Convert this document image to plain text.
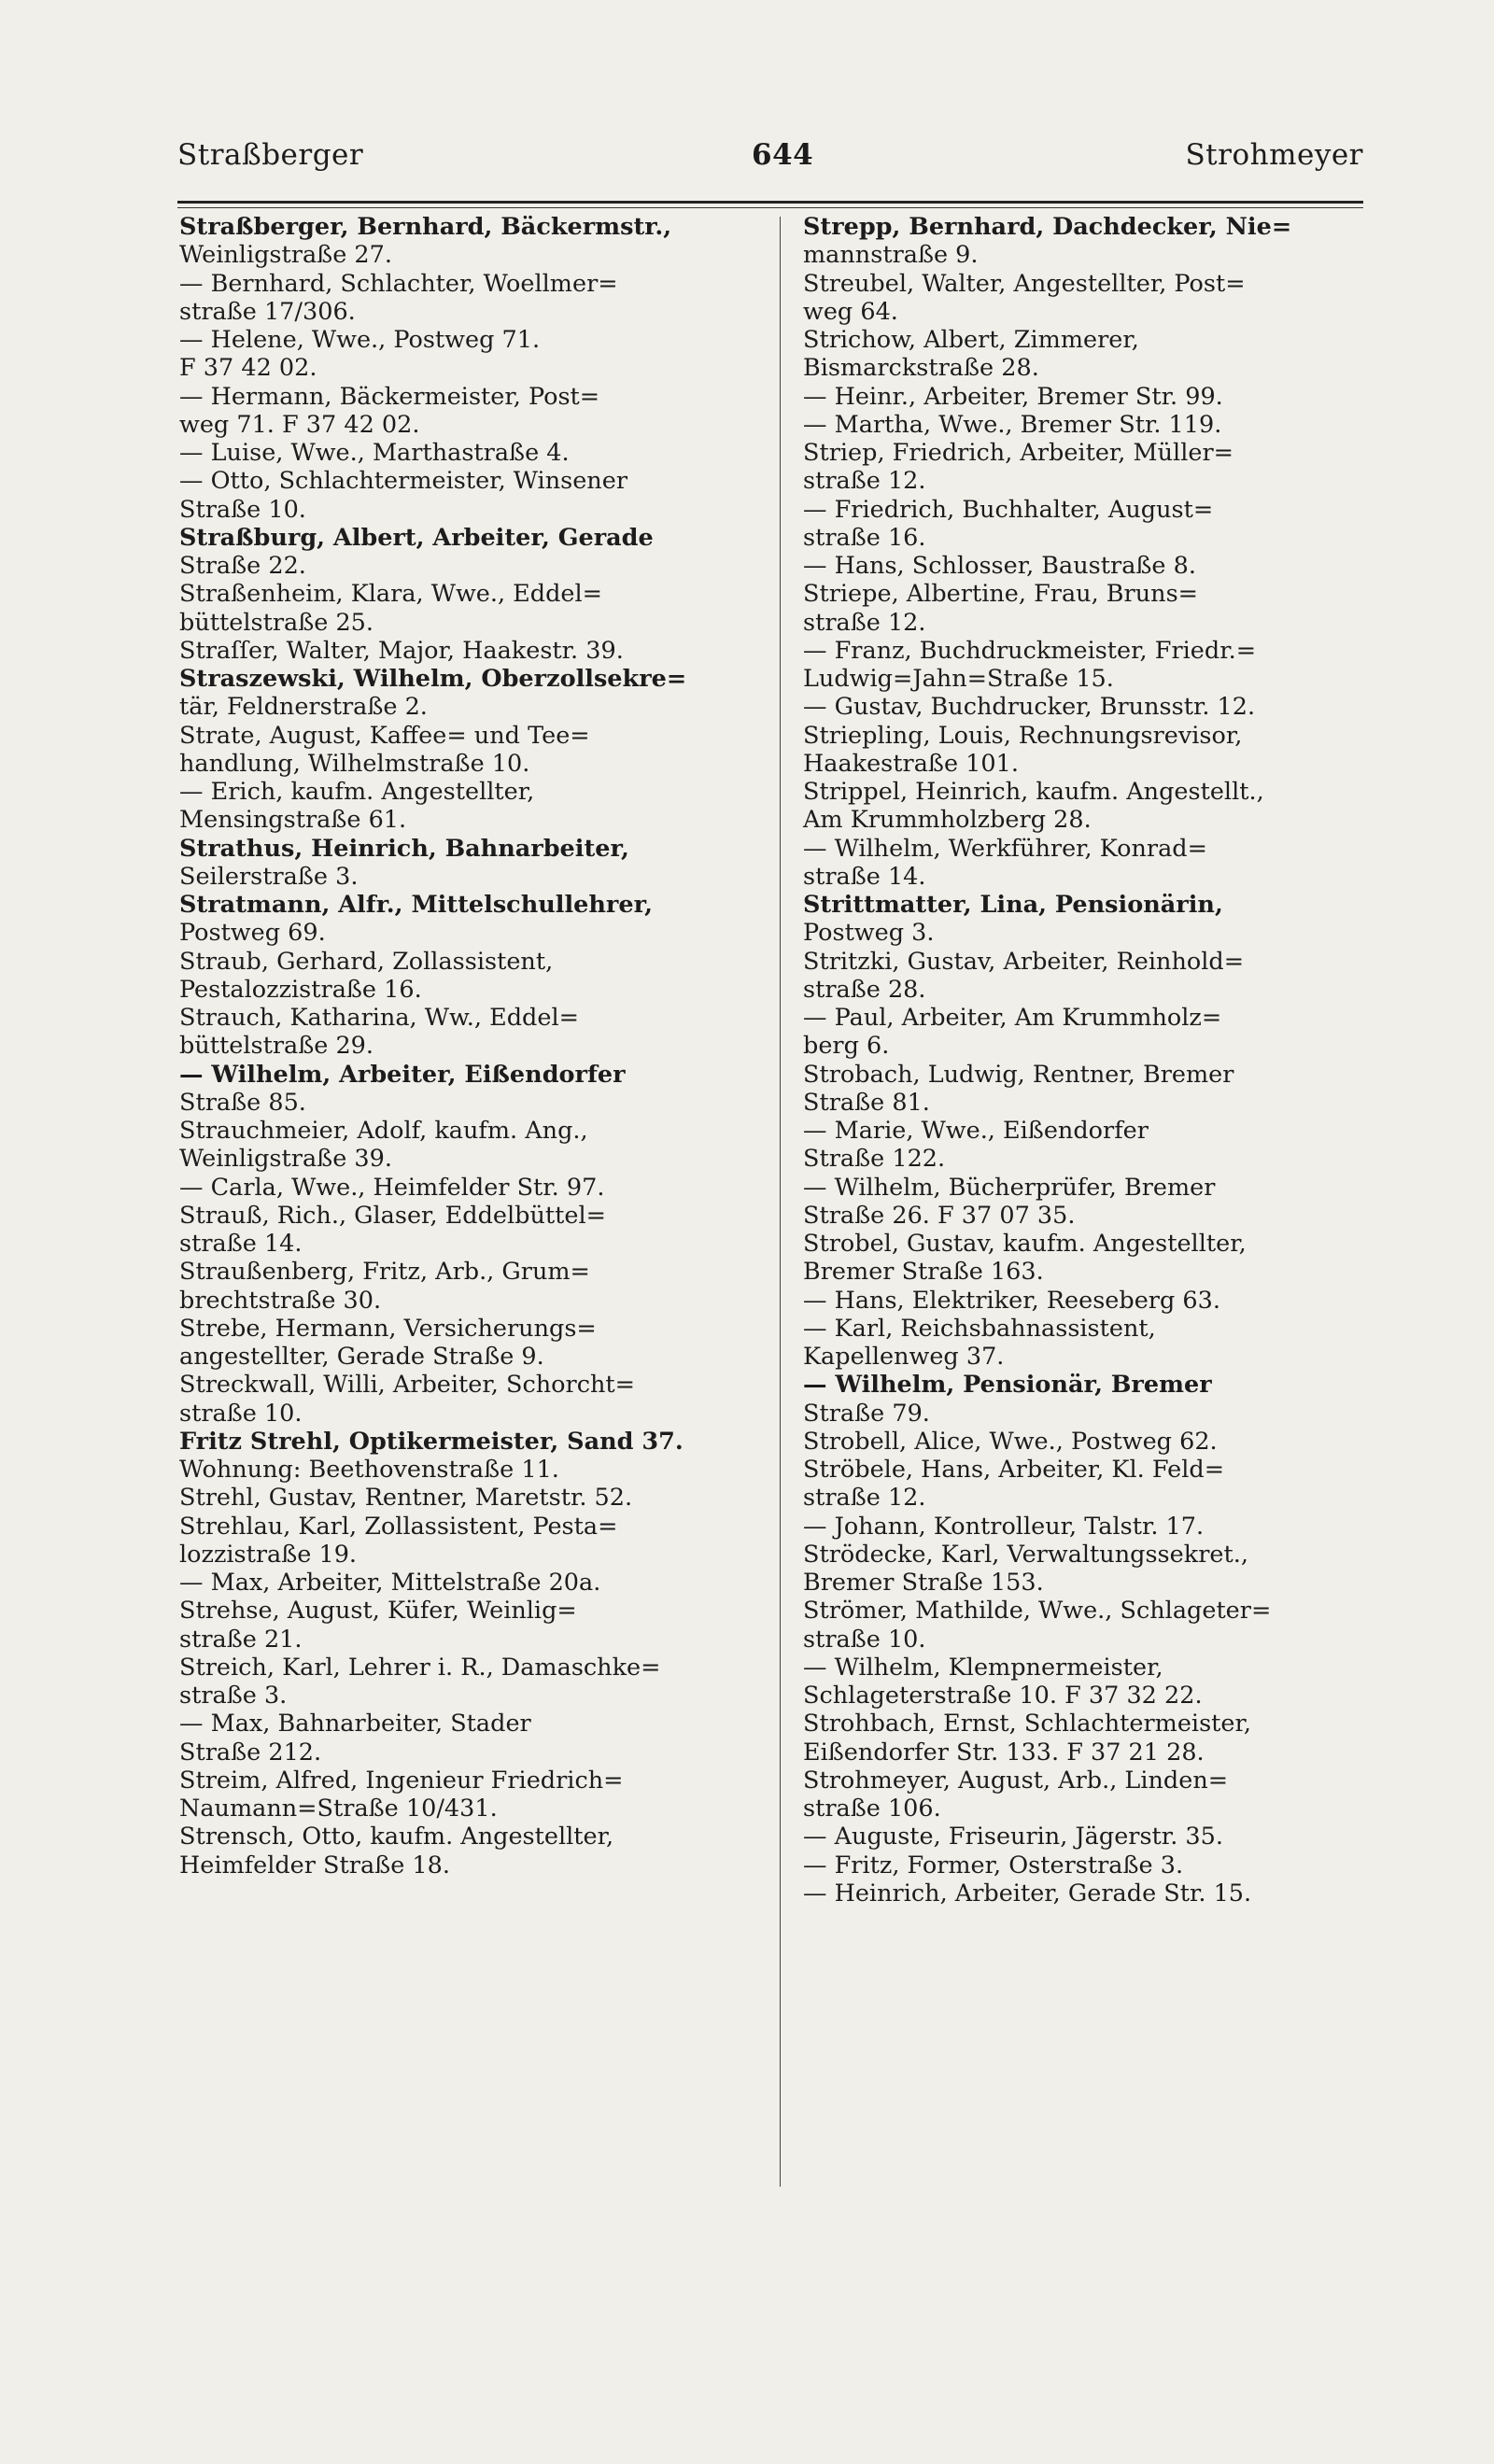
Straßberger	644	Strohmeyer

Straßberger, Bernhard, Bäckermstr.,
Weinligstraße 27.

— Bernhard, Schlachter, Woellmer=
straße 17/306.

— Helene, Wwe., Postweg 71.
F 37 42 02.

— Hermann, Bäckermeister, Post=
weg 71. F 37 42 02.

— Luise, Wwe., Marthastraße 4.

— Otto, Schlachtermeister, Winsener
Straße 10.

Straßburg, Albert, Arbeiter, Gerade
Straße 22.

Straßenheim, Klara, Wwe., Eddel=
büttelstraße 25.

Straſſer, Walter, Major, Haakestr. 39.

Straszewski, Wilhelm, Oberzollsekre=
tär, Feldnerstraße 2.

Strate, August, Kaffee= und Tee=
handlung, Wilhelmstraße 10.

— Erich, kaufm. Angestellter,
Mensingstraße 61.

Strathus, Heinrich, Bahnarbeiter,
Seilerstraße 3.

Stratmann, Alfr., Mittelschullehrer,
Postweg 69.

Straub, Gerhard, Zollassistent,
Pestalozzistraße 16.

Strauch, Katharina, Ww., Eddel=
büttelstraße 29.

— Wilhelm, Arbeiter, Eißendorfer
Straße 85.

Strauchmeier, Adolf, kaufm. Ang.,
Weinligstraße 39.

— Carla, Wwe., Heimfelder Str. 97.

Strauß, Rich., Glaser, Eddelbüttel=
straße 14.

Straußenberg, Fritz, Arb., Grum=
brechtstraße 30.

Strebe, Hermann, Versicherungs=
angestellter, Gerade Straße 9.

Streckwall, Willi, Arbeiter, Schorcht=
straße 10.

Fritz Strehl, Optikermeister, Sand 37.
Wohnung: Beethovenstraße 11.

Strehl, Gustav, Rentner, Maretstr. 52.

Strehlau, Karl, Zollassistent, Pesta=
lozzistraße 19.

— Max, Arbeiter, Mittelstraße 20a.

Strehse, August, Küfer, Weinlig=
straße 21.

Streich, Karl, Lehrer i. R., Damaschke=
straße 3.

— Max, Bahnarbeiter, Stader
Straße 212.

Streim, Alfred, Ingenieur Friedrich=
Naumann=Straße 10/431.

Strensch, Otto, kaufm. Angestellter,
Heimfelder Straße 18.

Strepp, Bernhard, Dachdecker, Nie=
mannstraße 9.

Streubel, Walter, Angestellter, Post=
weg 64.

Strichow, Albert, Zimmerer,
Bismarckstraße 28.

— Heinr., Arbeiter, Bremer Str. 99.

— Martha, Wwe., Bremer Str. 119.

Striep, Friedrich, Arbeiter, Müller=
straße 12.

— Friedrich, Buchhalter, August=
straße 16.

— Hans, Schlosser, Baustraße 8.

Striepe, Albertine, Frau, Bruns=
straße 12.

— Franz, Buchdruckmeister, Friedr.=
Ludwig=Jahn=Straße 15.

— Gustav, Buchdrucker, Brunsstr. 12.

Striepling, Louis, Rechnungsrevisor,
Haakestraße 101.

Strippel, Heinrich, kaufm. Angestellt.,
Am Krummholzberg 28.

— Wilhelm, Werkführer, Konrad=
straße 14.

Strittmatter, Lina, Pensionärin,
Postweg 3.

Stritzki, Gustav, Arbeiter, Reinhold=
straße 28.

— Paul, Arbeiter, Am Krummholz=
berg 6.

Strobach, Ludwig, Rentner, Bremer
Straße 81.

— Marie, Wwe., Eißendorfer
Straße 122.

— Wilhelm, Bücherprüfer, Bremer
Straße 26. F 37 07 35.

Strobel, Gustav, kaufm. Angestellter,
Bremer Straße 163.

— Hans, Elektriker, Reeseberg 63.

— Karl, Reichsbahnassistent,
Kapellenweg 37.

— Wilhelm, Pensionär, Bremer
Straße 79.

Strobell, Alice, Wwe., Postweg 62.

Ströbele, Hans, Arbeiter, Kl. Feld=
straße 12.

— Johann, Kontrolleur, Talstr. 17.

Strödecke, Karl, Verwaltungssekret.,
Bremer Straße 153.

Strömer, Mathilde, Wwe., Schlageter=
straße 10.

— Wilhelm, Klempnermeister,
Schlageterstraße 10. F 37 32 22.

Strohbach, Ernst, Schlachtermeister,
Eißendorfer Str. 133. F 37 21 28.

Strohmeyer, August, Arb., Linden=
straße 106.

— Auguste, Friseurin, Jägerstr. 35.

— Fritz, Former, Osterstraße 3.

— Heinrich, Arbeiter, Gerade Str. 15.
